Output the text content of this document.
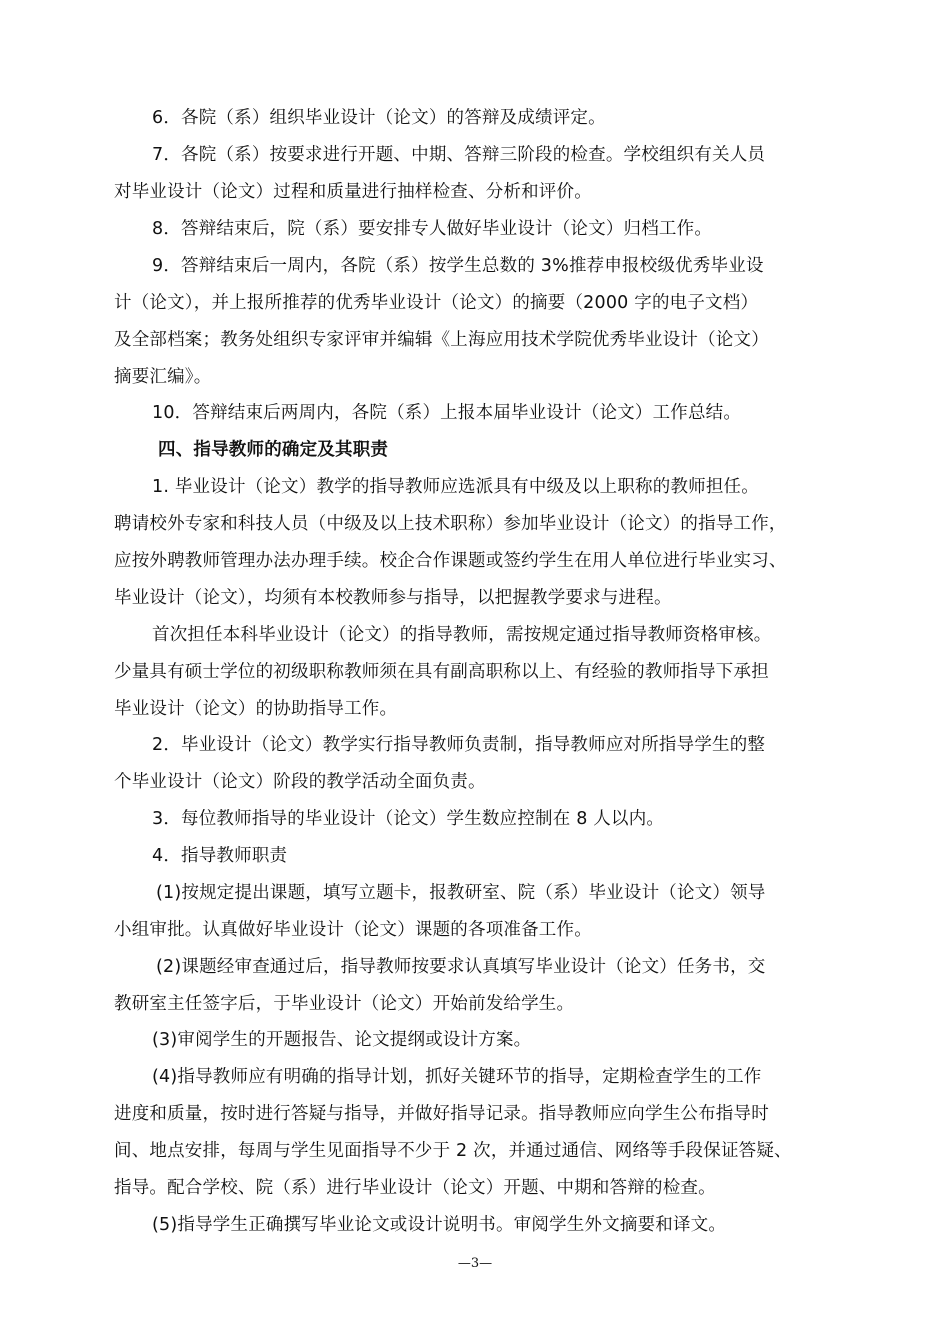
6．各院（系）组织毕业设计（论文）的答辩及成绩评定。
7．各院（系）按要求进行开题、中期、答辩三阶段的检查。学校组织有关人员
对毕业设计（论文）过程和质量进行抽样检查、分析和评价。
8．答辩结束后，院（系）要安排专人做好毕业设计（论文）归档工作。
9．答辩结束后一周内，各院（系）按学生总数的 3%推荐申报校级优秀毕业设
计（论文），并上报所推荐的优秀毕业设计（论文）的摘要（2000 字的电子文档）
及全部档案；教务处组织专家评审并编辑《上海应用技术学院优秀毕业设计（论文）
摘要汇编》。
10．答辩结束后两周内，各院（系）上报本届毕业设计（论文）工作总结。
四、指导教师的确定及其职责
1. 毕业设计（论文）教学的指导教师应选派具有中级及以上职称的教师担任。
聘请校外专家和科技人员（中级及以上技术职称）参加毕业设计（论文）的指导工作，
应按外聘教师管理办法办理手续。校企合作课题或签约学生在用人单位进行毕业实习、
毕业设计（论文），均须有本校教师参与指导，以把握教学要求与进程。
首次担任本科毕业设计（论文）的指导教师，需按规定通过指导教师资格审核。
少量具有硕士学位的初级职称教师须在具有副高职称以上、有经验的教师指导下承担
毕业设计（论文）的协助指导工作。
2．毕业设计（论文）教学实行指导教师负责制，指导教师应对所指导学生的整
个毕业设计（论文）阶段的教学活动全面负责。
3．每位教师指导的毕业设计（论文）学生数应控制在 8 人以内。
4．指导教师职责
(1)按规定提出课题，填写立题卡，报教研室、院（系）毕业设计（论文）领导
小组审批。认真做好毕业设计（论文）课题的各项准备工作。
(2)课题经审查通过后，指导教师按要求认真填写毕业设计（论文）任务书，交
教研室主任签字后，于毕业设计（论文）开始前发给学生。
(3)审阅学生的开题报告、论文提纲或设计方案。
(4)指导教师应有明确的指导计划，抓好关键环节的指导，定期检查学生的工作
进度和质量，按时进行答疑与指导，并做好指导记录。指导教师应向学生公布指导时
间、地点安排，每周与学生见面指导不少于 2 次，并通过通信、网络等手段保证答疑、
指导。配合学校、院（系）进行毕业设计（论文）开题、中期和答辩的检查。
(5)指导学生正确撰写毕业论文或设计说明书。审阅学生外文摘要和译文。
—3—
